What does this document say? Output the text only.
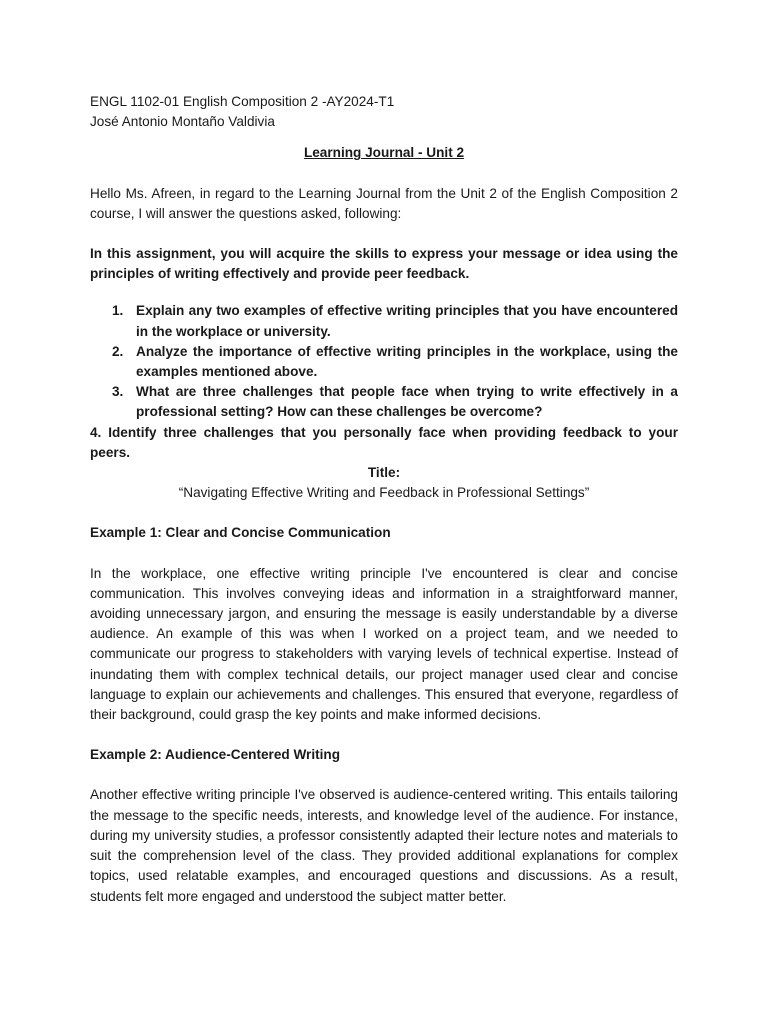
ENGL 1102-01 English Composition 2 -AY2024-T1

José Antonio Montaño Valdivia

Learning Journal - Unit 2

Hello Ms. Afreen, in regard to the Learning Journal from the Unit 2 of the English Composition 2 course, I will answer the questions asked, following:

In this assignment, you will acquire the skills to express your message or idea using the principles of writing effectively and provide peer feedback.

1. Explain any two examples of effective writing principles that you have encountered in the workplace or university.
2. Analyze the importance of effective writing principles in the workplace, using the examples mentioned above.
3. What are three challenges that people face when trying to write effectively in a professional setting? How can these challenges be overcome?

4. Identify three challenges that you personally face when providing feedback to your peers.

Title:

“Navigating Effective Writing and Feedback in Professional Settings”

Example 1: Clear and Concise Communication

In the workplace, one effective writing principle I've encountered is clear and concise communication. This involves conveying ideas and information in a straightforward manner, avoiding unnecessary jargon, and ensuring the message is easily understandable by a diverse audience. An example of this was when I worked on a project team, and we needed to communicate our progress to stakeholders with varying levels of technical expertise. Instead of inundating them with complex technical details, our project manager used clear and concise language to explain our achievements and challenges. This ensured that everyone, regardless of their background, could grasp the key points and make informed decisions.

Example 2: Audience-Centered Writing

Another effective writing principle I've observed is audience-centered writing. This entails tailoring the message to the specific needs, interests, and knowledge level of the audience. For instance, during my university studies, a professor consistently adapted their lecture notes and materials to suit the comprehension level of the class. They provided additional explanations for complex topics, used relatable examples, and encouraged questions and discussions. As a result, students felt more engaged and understood the subject matter better.
